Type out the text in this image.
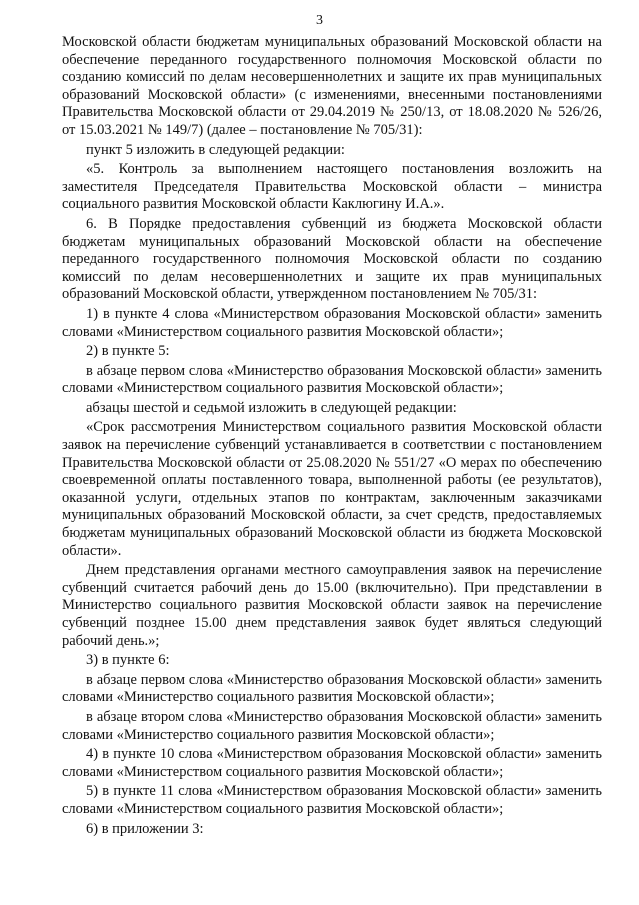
3

Московской области бюджетам муниципальных образований Московской области на обеспечение переданного государственного полномочия Московской области по созданию комиссий по делам несовершеннолетних и защите их прав муниципальных образований Московской области» (с изменениями, внесенными постановлениями Правительства Московской области от 29.04.2019 № 250/13, от 18.08.2020 № 526/26, от 15.03.2021 № 149/7) (далее – постановление № 705/31):

пункт 5 изложить в следующей редакции:

«5. Контроль за выполнением настоящего постановления возложить на заместителя Председателя Правительства Московской области – министра социального развития Московской области Каклюгину И.А.».

6. В Порядке предоставления субвенций из бюджета Московской области бюджетам муниципальных образований Московской области на обеспечение переданного государственного полномочия Московской области по созданию комиссий по делам несовершеннолетних и защите их прав муниципальных образований Московской области, утвержденном постановлением № 705/31:

1) в пункте 4 слова «Министерством образования Московской области» заменить словами «Министерством социального развития Московской области»;

2) в пункте 5:

в абзаце первом слова «Министерство образования Московской области» заменить словами «Министерством социального развития Московской области»;

абзацы шестой и седьмой изложить в следующей редакции:

«Срок рассмотрения Министерством социального развития Московской области заявок на перечисление субвенций устанавливается в соответствии с постановлением Правительства Московской области от 25.08.2020 № 551/27 «О мерах по обеспечению своевременной оплаты поставленного товара, выполненной работы (ее результатов), оказанной услуги, отдельных этапов по контрактам, заключенным заказчиками муниципальных образований Московской области, за счет средств, предоставляемых бюджетам муниципальных образований Московской области из бюджета Московской области».

Днем представления органами местного самоуправления заявок на перечисление субвенций считается рабочий день до 15.00 (включительно). При представлении в Министерство социального развития Московской области заявок на перечисление субвенций позднее 15.00 днем представления заявок будет являться следующий рабочий день.»;

3) в пункте 6:

в абзаце первом слова «Министерство образования Московской области» заменить словами «Министерство социального развития Московской области»;

в абзаце втором слова «Министерство образования Московской области» заменить словами «Министерство социального развития Московской области»;

4) в пункте 10 слова «Министерством образования Московской области» заменить словами «Министерством социального развития Московской области»;

5) в пункте 11 слова «Министерством образования Московской области» заменить словами «Министерством социального развития Московской области»;

6) в приложении 3:
